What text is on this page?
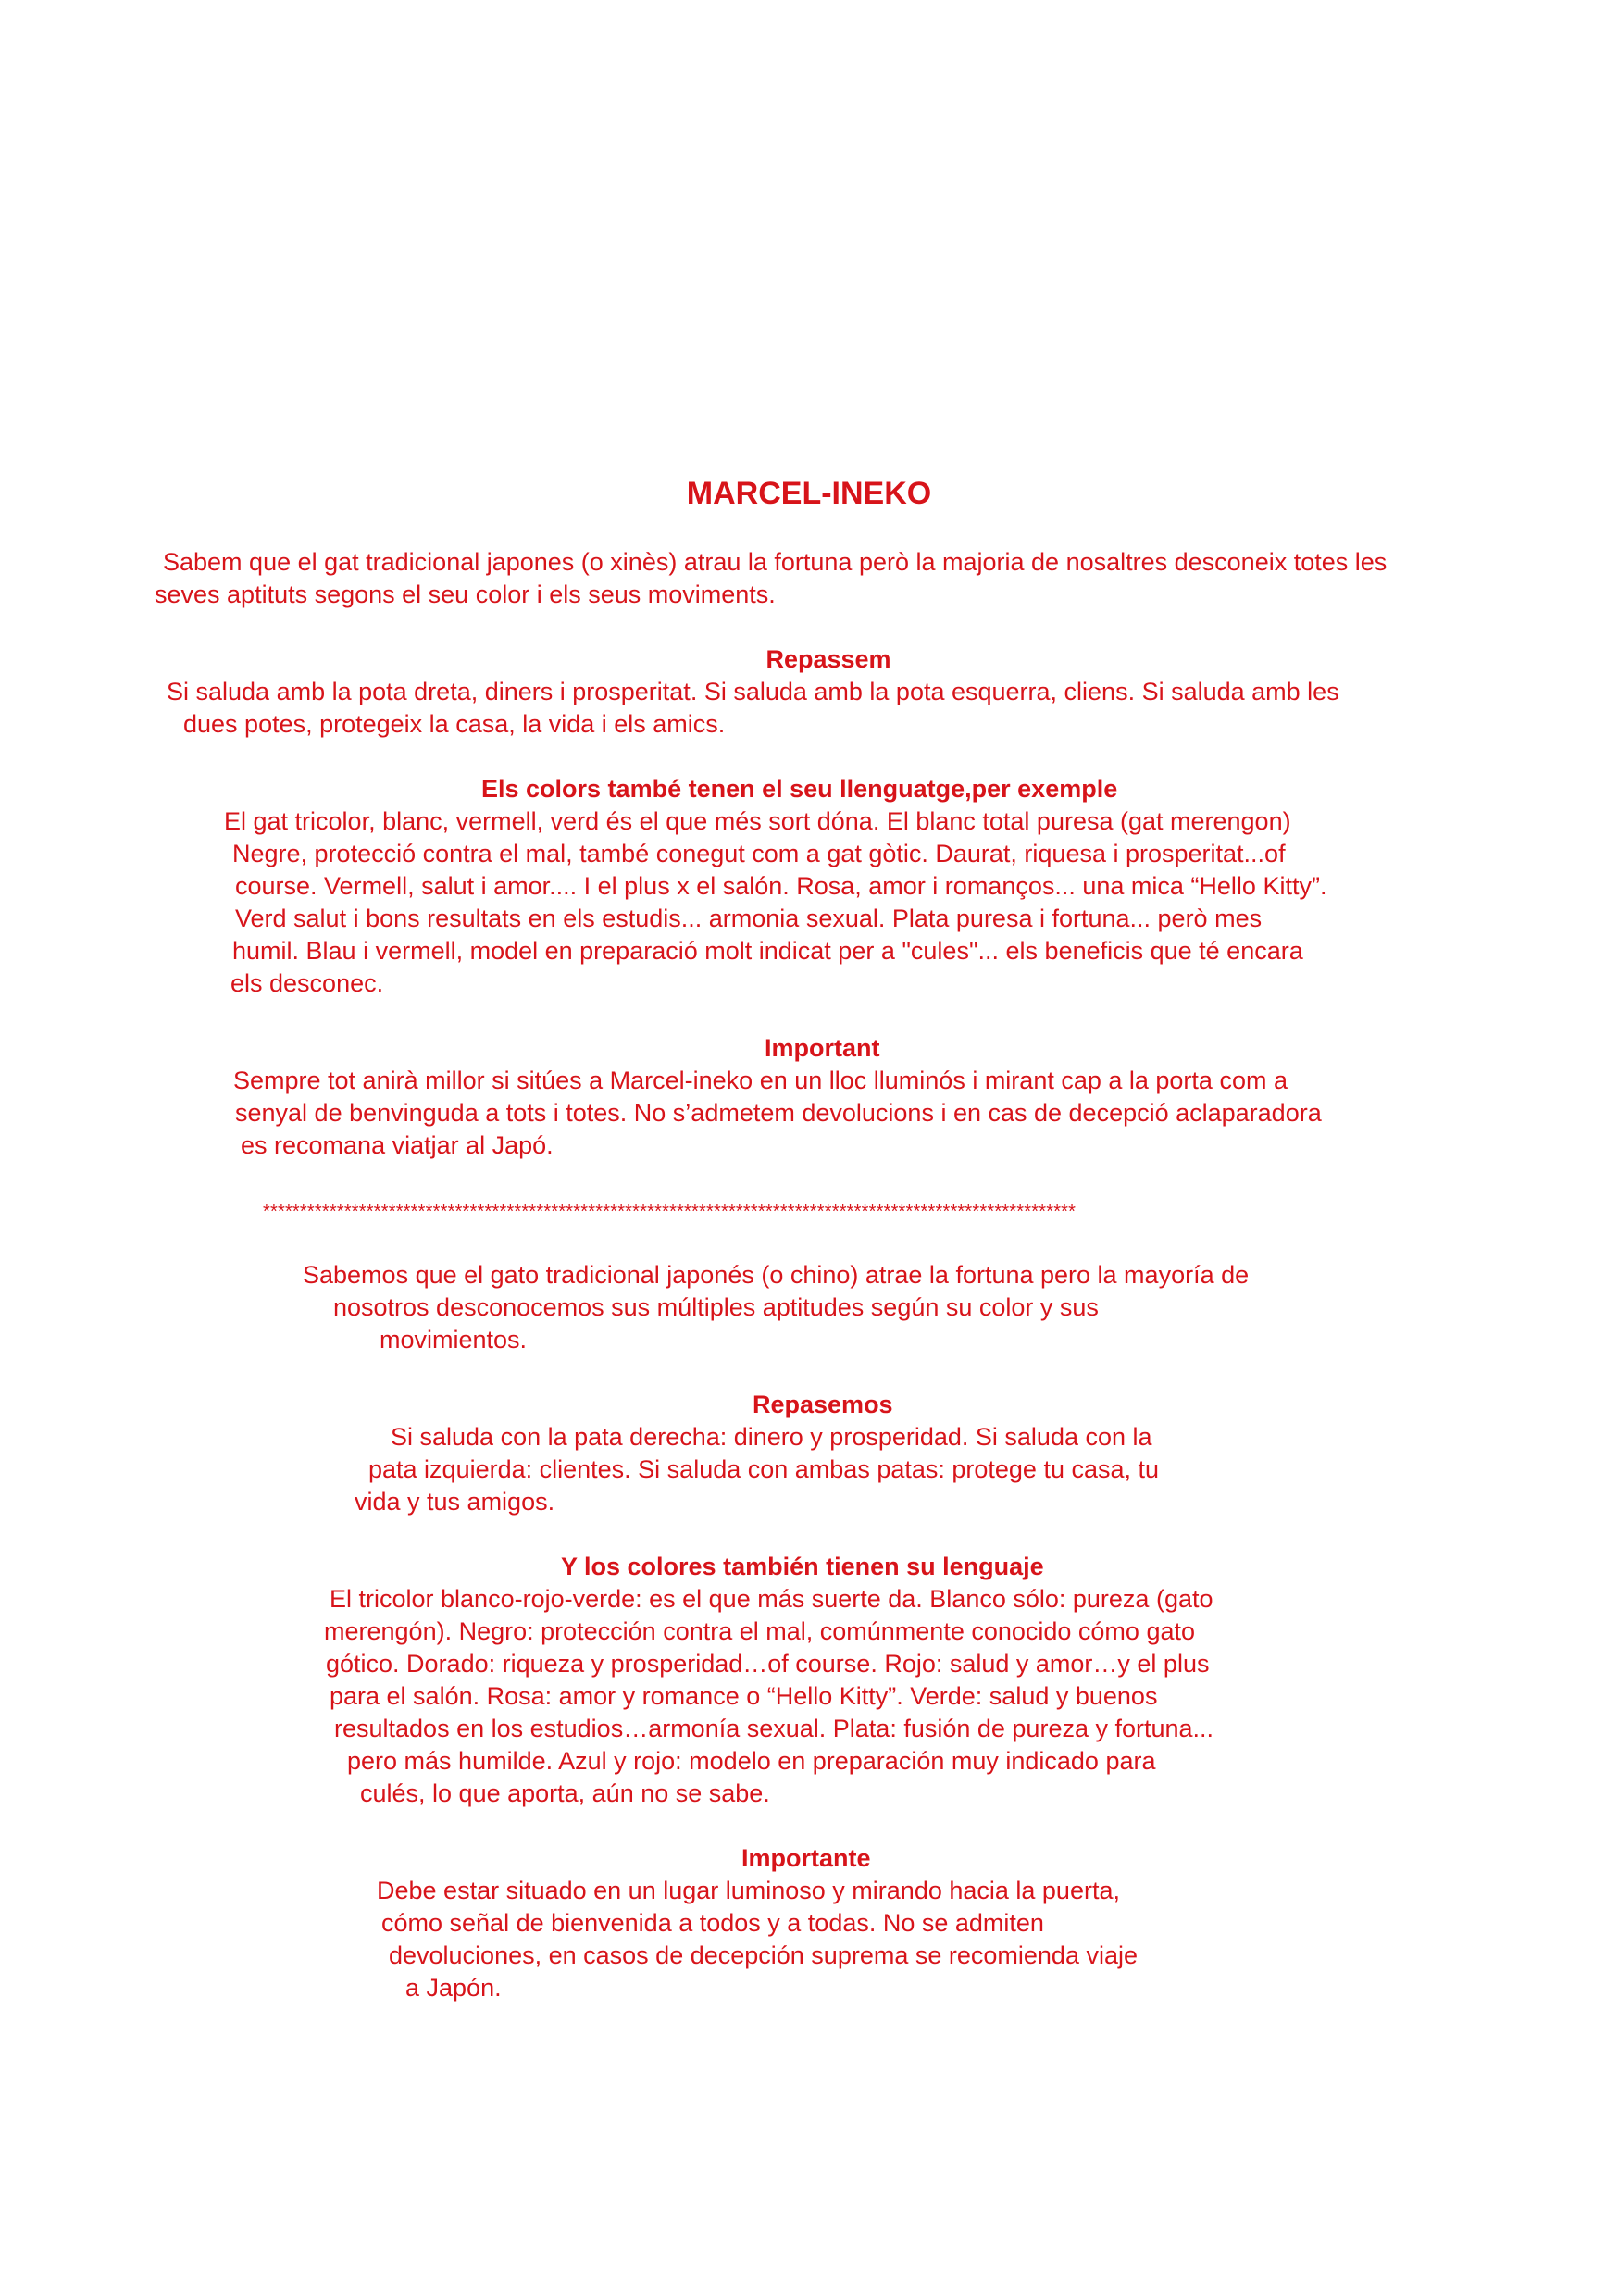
MARCEL-INEKO

Sabem que el gat tradicional japones (o xinès) atrau la fortuna però la majoria de nosaltres desconeix totes les

seves aptituts segons el seu color i els seus moviments.

Repassem

Si saluda amb la pota dreta, diners i prosperitat. Si saluda amb la pota esquerra, cliens. Si saluda amb les

dues potes, protegeix la casa, la vida i els amics.

Els colors també tenen el seu llenguatge,per exemple

El gat tricolor, blanc, vermell, verd és el que més sort dóna. El blanc total puresa (gat merengon)

Negre, protecció contra el mal, també conegut com a gat gòtic. Daurat, riquesa i prosperitat...of

course. Vermell, salut i amor.... I el plus x el salón. Rosa, amor i romanços... una mica “Hello Kitty”.

Verd salut i bons resultats en els estudis... armonia sexual. Plata puresa i fortuna... però mes

humil. Blau i vermell, model en preparació molt indicat per a "cules"... els beneficis que té encara

els desconec.

Important

Sempre tot anirà millor si sitúes a Marcel-ineko en un lloc lluminós i mirant cap a la porta com a

senyal de benvinguda a tots i totes. No s’admetem devolucions i en cas de decepció aclaparadora

es recomana viatjar al Japó.

**************************************************************************************************************

Sabemos que el gato tradicional japonés (o chino) atrae la fortuna pero la mayoría de

nosotros desconocemos sus múltiples aptitudes según su color y sus

movimientos.

Repasemos

Si saluda con la pata derecha: dinero y prosperidad. Si saluda con la

pata izquierda: clientes. Si saluda con ambas patas: protege tu casa, tu

vida y tus amigos.

Y los colores también tienen su lenguaje

El tricolor blanco-rojo-verde: es el que más suerte da. Blanco sólo: pureza (gato

merengón). Negro: protección contra el mal, comúnmente conocido cómo gato

gótico. Dorado: riqueza y prosperidad…of course. Rojo: salud y amor…y el plus

para el salón. Rosa: amor y romance o “Hello Kitty”. Verde: salud y buenos

resultados en los estudios…armonía sexual. Plata: fusión de pureza y fortuna...

pero más humilde. Azul y rojo: modelo en preparación muy indicado para

culés, lo que aporta, aún no se sabe.

Importante

Debe estar situado en un lugar luminoso y mirando hacia la puerta,

cómo señal de bienvenida a todos y a todas. No se admiten

devoluciones, en casos de decepción suprema se recomienda viaje

a Japón.
